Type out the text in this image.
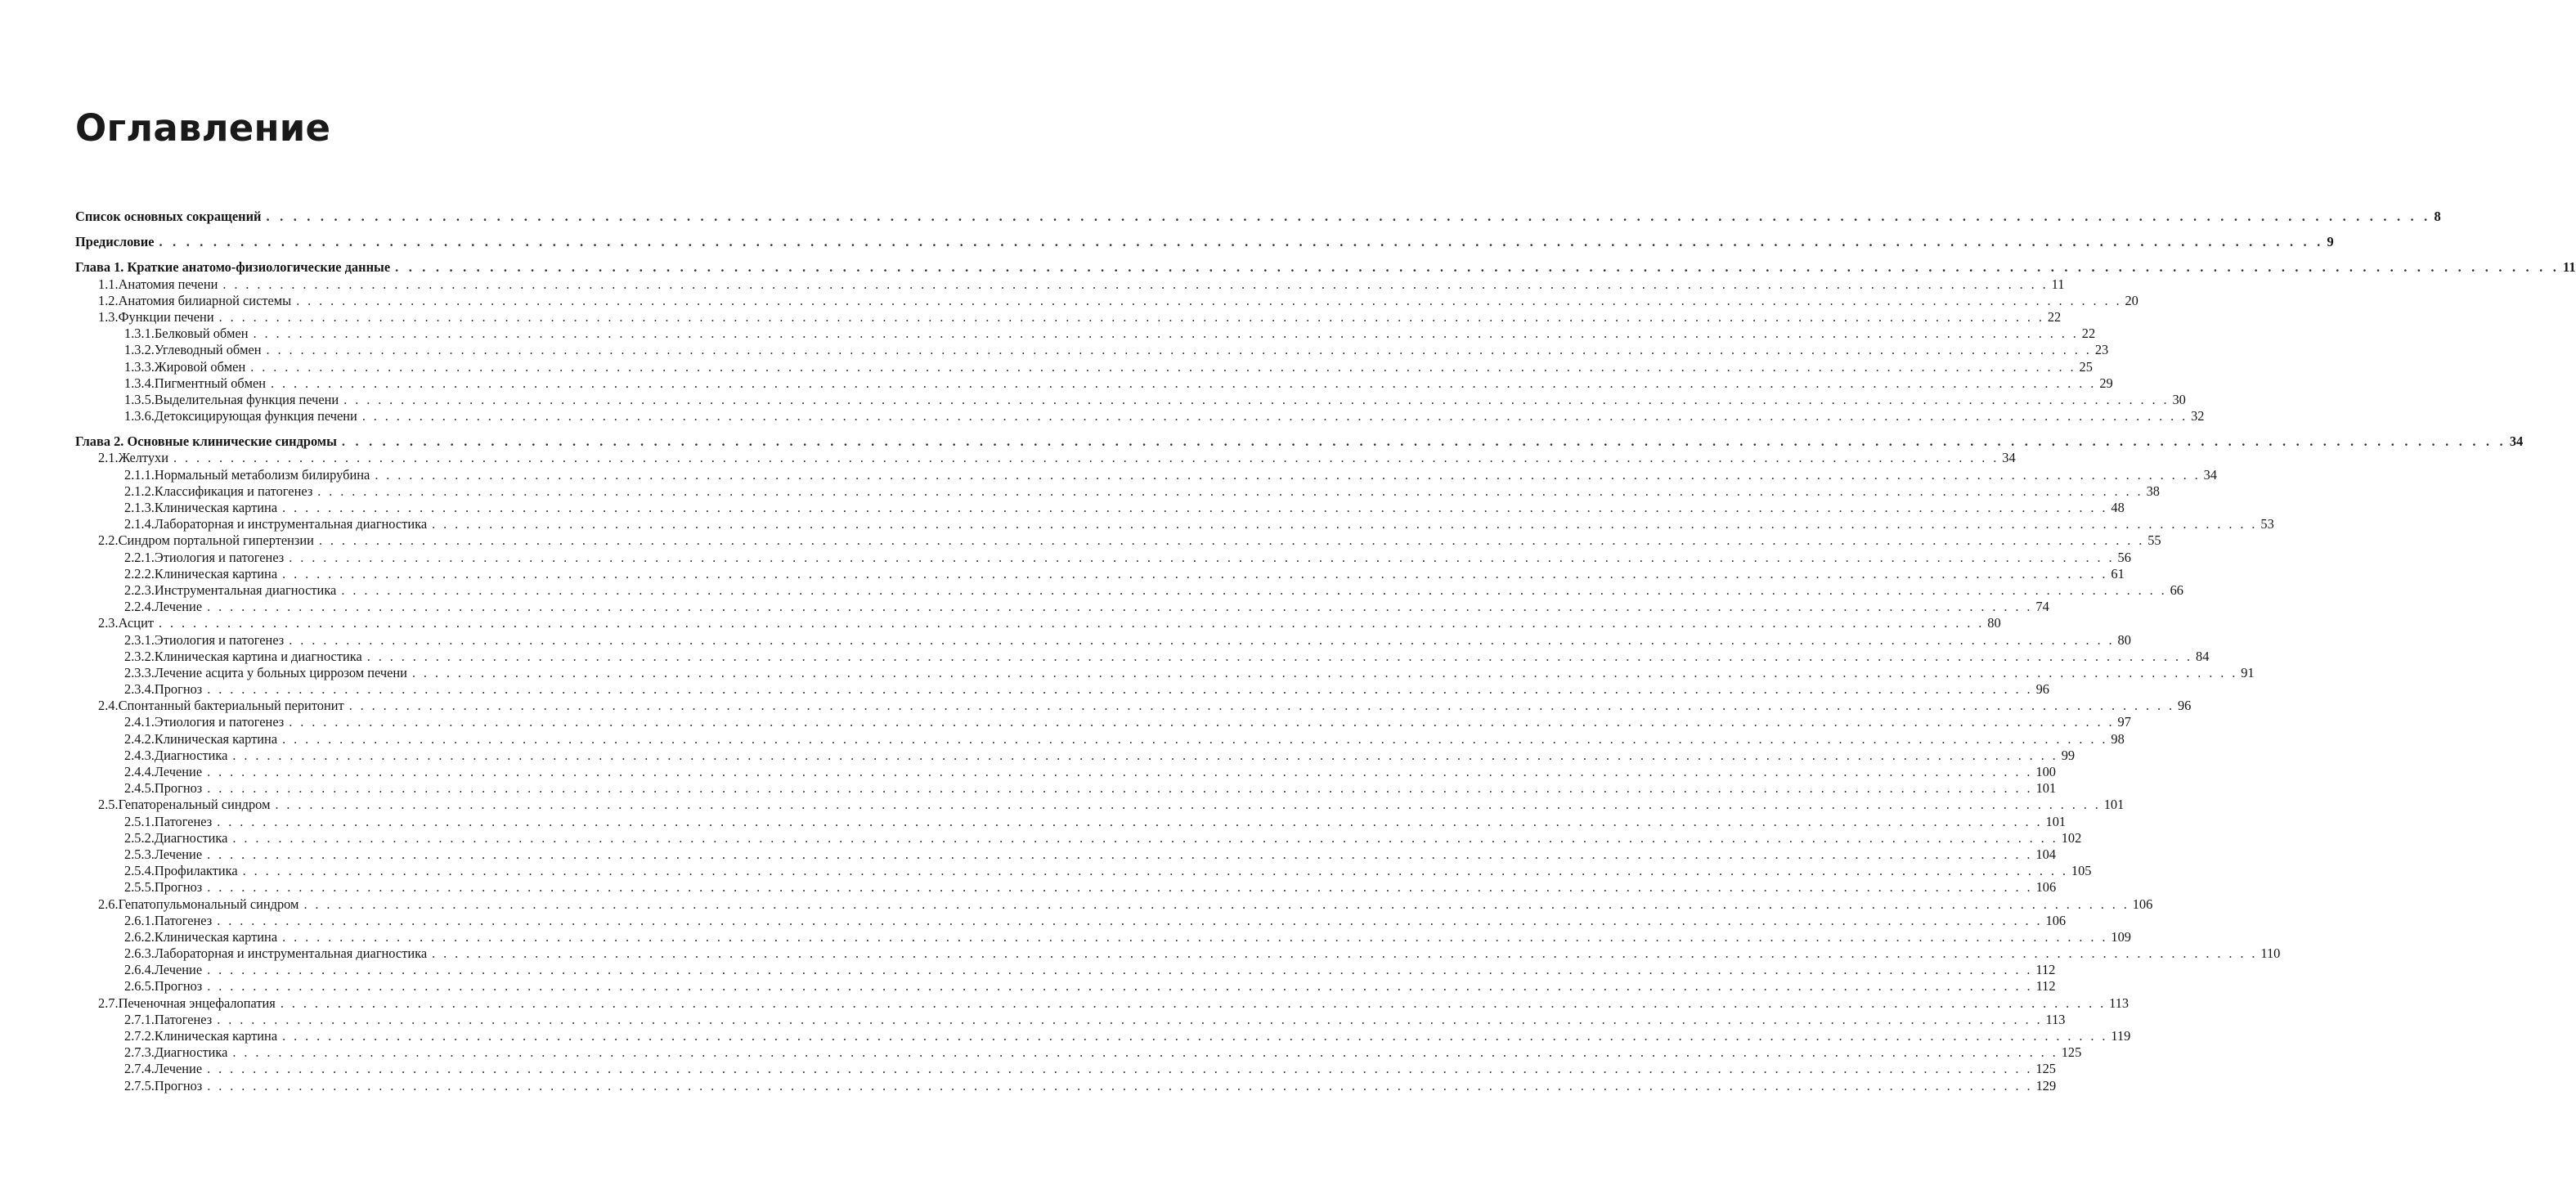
Оглавление
Список основных сокращений . . . . . . . . . . . . . . . . . . . . . . . . . . . . . . . . . . . . . . . . . . . . . . . . . . . . . . . . . . . . . . . . . . . . . . . . . . . . . . . . . . . . . . . . . . . . . . . . . . . . . . . . . . . . . . . . . . . . . . . . . . . . . . . . . . . . . . . . . . . . . . . . . . . . . . . . . . . . . . . . 8
Предисловие . . . . . . . . . . . . . . . . . . . . . . . . . . . . . . . . . . . . . . . . . . . . . . . . . . . . . . . . . . . . . . . . . . . . . . . . . . . . . . . . . . . . . . . . . . . . . . . . . . . . . . . . . . . . . . . . . . . . . . . . . . . . . . . . . . . . . . . . . . . . . . . . . . . . . . . . . . . . . . . . 9
Глава 1. Краткие анатомо-физиологические данные . . . . . . . . . . . . . . . . . . . . . . . . . . . . . . . . . . . . . . . . . . . . . . . . . . . . . . . . . . . . . . . . . . . . . . . . . . . . . . . . . . . . . . . . . . . . . . . . . . . . . . . . . . . . . . . . . . . . . . . . . . . . . . . . . . . . . . . . . . . . . . . . . . . . . . . . . . . . . . . . 11
1.1. Анатомия печени . . . . . . . . . . . . . . . . . . . . . . . . . . . . . . . . . . . . . . . . . . . . . . . . . . . . . . . . . . . . . . . . . . . . . . . . . . . . . . . . . . . . . . . . . . . . . . . . . . . . . . . . . . . . . . . . . . . . . . . . . . . . . . . . . . . . . . . . . . . . . . . . . . . . . . . . . . . . . . . . 11
1.2. Анатомия билиарной системы . . . . . . . . . . . . . . . . . . . . . . . . . . . . . . . . . . . . . . . . . . . . . . . . . . . . . . . . . . . . . . . . . . . . . . . . . . . . . . . . . . . . . . . . . . . . . . . . . . . . . . . . . . . . . . . . . . . . . . . . . . . . . . . . . . . . . . . . . . . . . . . . . . . . . . . . . . . . . . . . 20
1.3. Функции печени . . . . . . . . . . . . . . . . . . . . . . . . . . . . . . . . . . . . . . . . . . . . . . . . . . . . . . . . . . . . . . . . . . . . . . . . . . . . . . . . . . . . . . . . . . . . . . . . . . . . . . . . . . . . . . . . . . . . . . . . . . . . . . . . . . . . . . . . . . . . . . . . . . . . . . . . . . . . . . . . 22
1.3.1. Белковый обмен . . . . . . . . . . . . . . . . . . . . . . . . . . . . . . . . . . . . . . . . . . . . . . . . . . . . . . . . . . . . . . . . . . . . . . . . . . . . . . . . . . . . . . . . . . . . . . . . . . . . . . . . . . . . . . . . . . . . . . . . . . . . . . . . . . . . . . . . . . . . . . . . . . . . . . . . . . . . . . . . 22
1.3.2. Углеводный обмен . . . . . . . . . . . . . . . . . . . . . . . . . . . . . . . . . . . . . . . . . . . . . . . . . . . . . . . . . . . . . . . . . . . . . . . . . . . . . . . . . . . . . . . . . . . . . . . . . . . . . . . . . . . . . . . . . . . . . . . . . . . . . . . . . . . . . . . . . . . . . . . . . . . . . . . . . . . . . . . . 23
1.3.3. Жировой обмен . . . . . . . . . . . . . . . . . . . . . . . . . . . . . . . . . . . . . . . . . . . . . . . . . . . . . . . . . . . . . . . . . . . . . . . . . . . . . . . . . . . . . . . . . . . . . . . . . . . . . . . . . . . . . . . . . . . . . . . . . . . . . . . . . . . . . . . . . . . . . . . . . . . . . . . . . . . . . . . . 25
1.3.4. Пигментный обмен . . . . . . . . . . . . . . . . . . . . . . . . . . . . . . . . . . . . . . . . . . . . . . . . . . . . . . . . . . . . . . . . . . . . . . . . . . . . . . . . . . . . . . . . . . . . . . . . . . . . . . . . . . . . . . . . . . . . . . . . . . . . . . . . . . . . . . . . . . . . . . . . . . . . . . . . . . . . . . . . 29
1.3.5. Выделительная функция печени . . . . . . . . . . . . . . . . . . . . . . . . . . . . . . . . . . . . . . . . . . . . . . . . . . . . . . . . . . . . . . . . . . . . . . . . . . . . . . . . . . . . . . . . . . . . . . . . . . . . . . . . . . . . . . . . . . . . . . . . . . . . . . . . . . . . . . . . . . . . . . . . . . . . . . . . . . . . . . . . 30
1.3.6. Детоксицирующая функция печени . . . . . . . . . . . . . . . . . . . . . . . . . . . . . . . . . . . . . . . . . . . . . . . . . . . . . . . . . . . . . . . . . . . . . . . . . . . . . . . . . . . . . . . . . . . . . . . . . . . . . . . . . . . . . . . . . . . . . . . . . . . . . . . . . . . . . . . . . . . . . . . . . . . . . . . . . . . . . . . . 32
Глава 2. Основные клинические синдромы . . . . . . . . . . . . . . . . . . . . . . . . . . . . . . . . . . . . . . . . . . . . . . . . . . . . . . . . . . . . . . . . . . . . . . . . . . . . . . . . . . . . . . . . . . . . . . . . . . . . . . . . . . . . . . . . . . . . . . . . . . . . . . . . . . . . . . . . . . . . . . . . . . . . . . . . . . . . . . . . 34
2.1. Желтухи . . . . . . . . . . . . . . . . . . . . . . . . . . . . . . . . . . . . . . . . . . . . . . . . . . . . . . . . . . . . . . . . . . . . . . . . . . . . . . . . . . . . . . . . . . . . . . . . . . . . . . . . . . . . . . . . . . . . . . . . . . . . . . . . . . . . . . . . . . . . . . . . . . . . . . . . . . . . . . . . 34
2.1.1. Нормальный метаболизм билирубина . . . . . . . . . . . . . . . . . . . . . . . . . . . . . . . . . . . . . . . . . . . . . . . . . . . . . . . . . . . . . . . . . . . . . . . . . . . . . . . . . . . . . . . . . . . . . . . . . . . . . . . . . . . . . . . . . . . . . . . . . . . . . . . . . . . . . . . . . . . . . . . . . . . . . . . . . . . . . . . . 34
2.1.2. Классификация и патогенез . . . . . . . . . . . . . . . . . . . . . . . . . . . . . . . . . . . . . . . . . . . . . . . . . . . . . . . . . . . . . . . . . . . . . . . . . . . . . . . . . . . . . . . . . . . . . . . . . . . . . . . . . . . . . . . . . . . . . . . . . . . . . . . . . . . . . . . . . . . . . . . . . . . . . . . . . . . . . . . . 38
2.1.3. Клиническая картина . . . . . . . . . . . . . . . . . . . . . . . . . . . . . . . . . . . . . . . . . . . . . . . . . . . . . . . . . . . . . . . . . . . . . . . . . . . . . . . . . . . . . . . . . . . . . . . . . . . . . . . . . . . . . . . . . . . . . . . . . . . . . . . . . . . . . . . . . . . . . . . . . . . . . . . . . . . . . . . . 48
2.1.4. Лабораторная и инструментальная диагностика . . . . . . . . . . . . . . . . . . . . . . . . . . . . . . . . . . . . . . . . . . . . . . . . . . . . . . . . . . . . . . . . . . . . . . . . . . . . . . . . . . . . . . . . . . . . . . . . . . . . . . . . . . . . . . . . . . . . . . . . . . . . . . . . . . . . . . . . . . . . . . . . . . . . . . . . . . . . . . . . 53
2.2. Синдром портальной гипертензии . . . . . . . . . . . . . . . . . . . . . . . . . . . . . . . . . . . . . . . . . . . . . . . . . . . . . . . . . . . . . . . . . . . . . . . . . . . . . . . . . . . . . . . . . . . . . . . . . . . . . . . . . . . . . . . . . . . . . . . . . . . . . . . . . . . . . . . . . . . . . . . . . . . . . . . . . . . . . . . . 55
2.2.1. Этиология и патогенез . . . . . . . . . . . . . . . . . . . . . . . . . . . . . . . . . . . . . . . . . . . . . . . . . . . . . . . . . . . . . . . . . . . . . . . . . . . . . . . . . . . . . . . . . . . . . . . . . . . . . . . . . . . . . . . . . . . . . . . . . . . . . . . . . . . . . . . . . . . . . . . . . . . . . . . . . . . . . . . . 56
2.2.2. Клиническая картина . . . . . . . . . . . . . . . . . . . . . . . . . . . . . . . . . . . . . . . . . . . . . . . . . . . . . . . . . . . . . . . . . . . . . . . . . . . . . . . . . . . . . . . . . . . . . . . . . . . . . . . . . . . . . . . . . . . . . . . . . . . . . . . . . . . . . . . . . . . . . . . . . . . . . . . . . . . . . . . . 61
2.2.3. Инструментальная диагностика . . . . . . . . . . . . . . . . . . . . . . . . . . . . . . . . . . . . . . . . . . . . . . . . . . . . . . . . . . . . . . . . . . . . . . . . . . . . . . . . . . . . . . . . . . . . . . . . . . . . . . . . . . . . . . . . . . . . . . . . . . . . . . . . . . . . . . . . . . . . . . . . . . . . . . . . . . . . . . . . 66
2.2.4. Лечение . . . . . . . . . . . . . . . . . . . . . . . . . . . . . . . . . . . . . . . . . . . . . . . . . . . . . . . . . . . . . . . . . . . . . . . . . . . . . . . . . . . . . . . . . . . . . . . . . . . . . . . . . . . . . . . . . . . . . . . . . . . . . . . . . . . . . . . . . . . . . . . . . . . . . . . . . . . . . . . . 74
2.3. Асцит . . . . . . . . . . . . . . . . . . . . . . . . . . . . . . . . . . . . . . . . . . . . . . . . . . . . . . . . . . . . . . . . . . . . . . . . . . . . . . . . . . . . . . . . . . . . . . . . . . . . . . . . . . . . . . . . . . . . . . . . . . . . . . . . . . . . . . . . . . . . . . . . . . . . . . . . . . . . . . . . 80
2.3.1. Этиология и патогенез . . . . . . . . . . . . . . . . . . . . . . . . . . . . . . . . . . . . . . . . . . . . . . . . . . . . . . . . . . . . . . . . . . . . . . . . . . . . . . . . . . . . . . . . . . . . . . . . . . . . . . . . . . . . . . . . . . . . . . . . . . . . . . . . . . . . . . . . . . . . . . . . . . . . . . . . . . . . . . . . 80
2.3.2. Клиническая картина и диагностика . . . . . . . . . . . . . . . . . . . . . . . . . . . . . . . . . . . . . . . . . . . . . . . . . . . . . . . . . . . . . . . . . . . . . . . . . . . . . . . . . . . . . . . . . . . . . . . . . . . . . . . . . . . . . . . . . . . . . . . . . . . . . . . . . . . . . . . . . . . . . . . . . . . . . . . . . . . . . . . . 84
2.3.3. Лечение асцита у больных циррозом печени . . . . . . . . . . . . . . . . . . . . . . . . . . . . . . . . . . . . . . . . . . . . . . . . . . . . . . . . . . . . . . . . . . . . . . . . . . . . . . . . . . . . . . . . . . . . . . . . . . . . . . . . . . . . . . . . . . . . . . . . . . . . . . . . . . . . . . . . . . . . . . . . . . . . . . . . . . . . . . . . 91
2.3.4. Прогноз . . . . . . . . . . . . . . . . . . . . . . . . . . . . . . . . . . . . . . . . . . . . . . . . . . . . . . . . . . . . . . . . . . . . . . . . . . . . . . . . . . . . . . . . . . . . . . . . . . . . . . . . . . . . . . . . . . . . . . . . . . . . . . . . . . . . . . . . . . . . . . . . . . . . . . . . . . . . . . . . 96
2.4. Спонтанный бактериальный перитонит . . . . . . . . . . . . . . . . . . . . . . . . . . . . . . . . . . . . . . . . . . . . . . . . . . . . . . . . . . . . . . . . . . . . . . . . . . . . . . . . . . . . . . . . . . . . . . . . . . . . . . . . . . . . . . . . . . . . . . . . . . . . . . . . . . . . . . . . . . . . . . . . . . . . . . . . . . . . . . . . 96
2.4.1. Этиология и патогенез . . . . . . . . . . . . . . . . . . . . . . . . . . . . . . . . . . . . . . . . . . . . . . . . . . . . . . . . . . . . . . . . . . . . . . . . . . . . . . . . . . . . . . . . . . . . . . . . . . . . . . . . . . . . . . . . . . . . . . . . . . . . . . . . . . . . . . . . . . . . . . . . . . . . . . . . . . . . . . . . 97
2.4.2. Клиническая картина . . . . . . . . . . . . . . . . . . . . . . . . . . . . . . . . . . . . . . . . . . . . . . . . . . . . . . . . . . . . . . . . . . . . . . . . . . . . . . . . . . . . . . . . . . . . . . . . . . . . . . . . . . . . . . . . . . . . . . . . . . . . . . . . . . . . . . . . . . . . . . . . . . . . . . . . . . . . . . . . 98
2.4.3. Диагностика . . . . . . . . . . . . . . . . . . . . . . . . . . . . . . . . . . . . . . . . . . . . . . . . . . . . . . . . . . . . . . . . . . . . . . . . . . . . . . . . . . . . . . . . . . . . . . . . . . . . . . . . . . . . . . . . . . . . . . . . . . . . . . . . . . . . . . . . . . . . . . . . . . . . . . . . . . . . . . . . 99
2.4.4. Лечение . . . . . . . . . . . . . . . . . . . . . . . . . . . . . . . . . . . . . . . . . . . . . . . . . . . . . . . . . . . . . . . . . . . . . . . . . . . . . . . . . . . . . . . . . . . . . . . . . . . . . . . . . . . . . . . . . . . . . . . . . . . . . . . . . . . . . . . . . . . . . . . . . . . . . . . . . . . . . . . . 100
2.4.5. Прогноз . . . . . . . . . . . . . . . . . . . . . . . . . . . . . . . . . . . . . . . . . . . . . . . . . . . . . . . . . . . . . . . . . . . . . . . . . . . . . . . . . . . . . . . . . . . . . . . . . . . . . . . . . . . . . . . . . . . . . . . . . . . . . . . . . . . . . . . . . . . . . . . . . . . . . . . . . . . . . . . . 101
2.5. Гепаторенальный синдром . . . . . . . . . . . . . . . . . . . . . . . . . . . . . . . . . . . . . . . . . . . . . . . . . . . . . . . . . . . . . . . . . . . . . . . . . . . . . . . . . . . . . . . . . . . . . . . . . . . . . . . . . . . . . . . . . . . . . . . . . . . . . . . . . . . . . . . . . . . . . . . . . . . . . . . . . . . . . . . . 101
2.5.1. Патогенез . . . . . . . . . . . . . . . . . . . . . . . . . . . . . . . . . . . . . . . . . . . . . . . . . . . . . . . . . . . . . . . . . . . . . . . . . . . . . . . . . . . . . . . . . . . . . . . . . . . . . . . . . . . . . . . . . . . . . . . . . . . . . . . . . . . . . . . . . . . . . . . . . . . . . . . . . . . . . . . . 101
2.5.2. Диагностика . . . . . . . . . . . . . . . . . . . . . . . . . . . . . . . . . . . . . . . . . . . . . . . . . . . . . . . . . . . . . . . . . . . . . . . . . . . . . . . . . . . . . . . . . . . . . . . . . . . . . . . . . . . . . . . . . . . . . . . . . . . . . . . . . . . . . . . . . . . . . . . . . . . . . . . . . . . . . . . . 102
2.5.3. Лечение . . . . . . . . . . . . . . . . . . . . . . . . . . . . . . . . . . . . . . . . . . . . . . . . . . . . . . . . . . . . . . . . . . . . . . . . . . . . . . . . . . . . . . . . . . . . . . . . . . . . . . . . . . . . . . . . . . . . . . . . . . . . . . . . . . . . . . . . . . . . . . . . . . . . . . . . . . . . . . . . 104
2.5.4. Профилактика . . . . . . . . . . . . . . . . . . . . . . . . . . . . . . . . . . . . . . . . . . . . . . . . . . . . . . . . . . . . . . . . . . . . . . . . . . . . . . . . . . . . . . . . . . . . . . . . . . . . . . . . . . . . . . . . . . . . . . . . . . . . . . . . . . . . . . . . . . . . . . . . . . . . . . . . . . . . . . . . 105
2.5.5. Прогноз . . . . . . . . . . . . . . . . . . . . . . . . . . . . . . . . . . . . . . . . . . . . . . . . . . . . . . . . . . . . . . . . . . . . . . . . . . . . . . . . . . . . . . . . . . . . . . . . . . . . . . . . . . . . . . . . . . . . . . . . . . . . . . . . . . . . . . . . . . . . . . . . . . . . . . . . . . . . . . . . 106
2.6. Гепатопульмональный синдром . . . . . . . . . . . . . . . . . . . . . . . . . . . . . . . . . . . . . . . . . . . . . . . . . . . . . . . . . . . . . . . . . . . . . . . . . . . . . . . . . . . . . . . . . . . . . . . . . . . . . . . . . . . . . . . . . . . . . . . . . . . . . . . . . . . . . . . . . . . . . . . . . . . . . . . . . . . . . . . . 106
2.6.1. Патогенез . . . . . . . . . . . . . . . . . . . . . . . . . . . . . . . . . . . . . . . . . . . . . . . . . . . . . . . . . . . . . . . . . . . . . . . . . . . . . . . . . . . . . . . . . . . . . . . . . . . . . . . . . . . . . . . . . . . . . . . . . . . . . . . . . . . . . . . . . . . . . . . . . . . . . . . . . . . . . . . . 106
2.6.2. Клиническая картина . . . . . . . . . . . . . . . . . . . . . . . . . . . . . . . . . . . . . . . . . . . . . . . . . . . . . . . . . . . . . . . . . . . . . . . . . . . . . . . . . . . . . . . . . . . . . . . . . . . . . . . . . . . . . . . . . . . . . . . . . . . . . . . . . . . . . . . . . . . . . . . . . . . . . . . . . . . . . . . . 109
2.6.3. Лабораторная и инструментальная диагностика . . . . . . . . . . . . . . . . . . . . . . . . . . . . . . . . . . . . . . . . . . . . . . . . . . . . . . . . . . . . . . . . . . . . . . . . . . . . . . . . . . . . . . . . . . . . . . . . . . . . . . . . . . . . . . . . . . . . . . . . . . . . . . . . . . . . . . . . . . . . . . . . . . . . . . . . . . . . . . . . 110
2.6.4. Лечение . . . . . . . . . . . . . . . . . . . . . . . . . . . . . . . . . . . . . . . . . . . . . . . . . . . . . . . . . . . . . . . . . . . . . . . . . . . . . . . . . . . . . . . . . . . . . . . . . . . . . . . . . . . . . . . . . . . . . . . . . . . . . . . . . . . . . . . . . . . . . . . . . . . . . . . . . . . . . . . . 112
2.6.5. Прогноз . . . . . . . . . . . . . . . . . . . . . . . . . . . . . . . . . . . . . . . . . . . . . . . . . . . . . . . . . . . . . . . . . . . . . . . . . . . . . . . . . . . . . . . . . . . . . . . . . . . . . . . . . . . . . . . . . . . . . . . . . . . . . . . . . . . . . . . . . . . . . . . . . . . . . . . . . . . . . . . . 112
2.7. Печеночная энцефалопатия . . . . . . . . . . . . . . . . . . . . . . . . . . . . . . . . . . . . . . . . . . . . . . . . . . . . . . . . . . . . . . . . . . . . . . . . . . . . . . . . . . . . . . . . . . . . . . . . . . . . . . . . . . . . . . . . . . . . . . . . . . . . . . . . . . . . . . . . . . . . . . . . . . . . . . . . . . . . . . . . 113
2.7.1. Патогенез . . . . . . . . . . . . . . . . . . . . . . . . . . . . . . . . . . . . . . . . . . . . . . . . . . . . . . . . . . . . . . . . . . . . . . . . . . . . . . . . . . . . . . . . . . . . . . . . . . . . . . . . . . . . . . . . . . . . . . . . . . . . . . . . . . . . . . . . . . . . . . . . . . . . . . . . . . . . . . . . 113
2.7.2. Клиническая картина . . . . . . . . . . . . . . . . . . . . . . . . . . . . . . . . . . . . . . . . . . . . . . . . . . . . . . . . . . . . . . . . . . . . . . . . . . . . . . . . . . . . . . . . . . . . . . . . . . . . . . . . . . . . . . . . . . . . . . . . . . . . . . . . . . . . . . . . . . . . . . . . . . . . . . . . . . . . . . . . 119
2.7.3. Диагностика . . . . . . . . . . . . . . . . . . . . . . . . . . . . . . . . . . . . . . . . . . . . . . . . . . . . . . . . . . . . . . . . . . . . . . . . . . . . . . . . . . . . . . . . . . . . . . . . . . . . . . . . . . . . . . . . . . . . . . . . . . . . . . . . . . . . . . . . . . . . . . . . . . . . . . . . . . . . . . . . 125
2.7.4. Лечение . . . . . . . . . . . . . . . . . . . . . . . . . . . . . . . . . . . . . . . . . . . . . . . . . . . . . . . . . . . . . . . . . . . . . . . . . . . . . . . . . . . . . . . . . . . . . . . . . . . . . . . . . . . . . . . . . . . . . . . . . . . . . . . . . . . . . . . . . . . . . . . . . . . . . . . . . . . . . . . . 125
2.7.5. Прогноз . . . . . . . . . . . . . . . . . . . . . . . . . . . . . . . . . . . . . . . . . . . . . . . . . . . . . . . . . . . . . . . . . . . . . . . . . . . . . . . . . . . . . . . . . . . . . . . . . . . . . . . . . . . . . . . . . . . . . . . . . . . . . . . . . . . . . . . . . . . . . . . . . . . . . . . . . . . . . . . . 129
